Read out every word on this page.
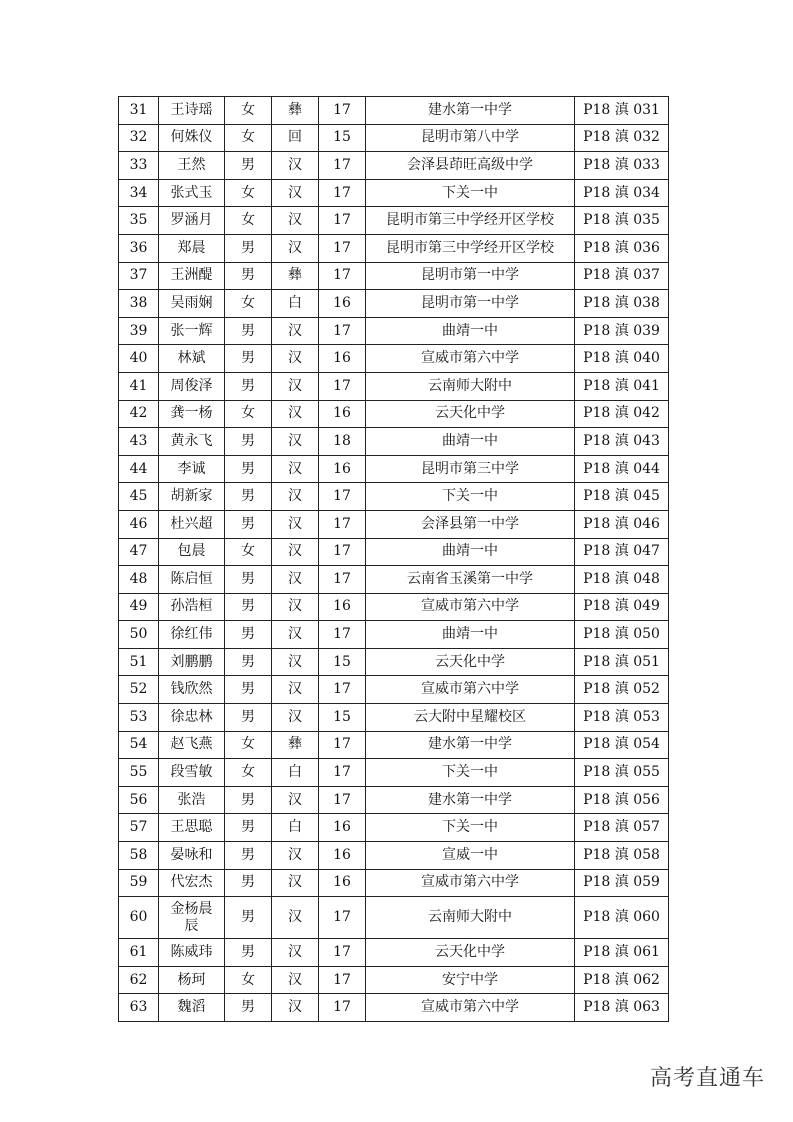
31	王诗瑶	女	彝	17	建水第一中学	P18 滇 031
32	何姝仪	女	回	15	昆明市第八中学	P18 滇 032
33	王然	男	汉	17	会泽县茚旺高级中学	P18 滇 033
34	张式玉	女	汉	17	下关一中	P18 滇 034
35	罗涵月	女	汉	17	昆明市第三中学经开区学校	P18 滇 035
36	郑晨	男	汉	17	昆明市第三中学经开区学校	P18 滇 036
37	王洲醍	男	彝	17	昆明市第一中学	P18 滇 037
38	吴雨娴	女	白	16	昆明市第一中学	P18 滇 038
39	张一辉	男	汉	17	曲靖一中	P18 滇 039
40	林斌	男	汉	16	宣威市第六中学	P18 滇 040
41	周俊泽	男	汉	17	云南师大附中	P18 滇 041
42	龚一杨	女	汉	16	云天化中学	P18 滇 042
43	黄永飞	男	汉	18	曲靖一中	P18 滇 043
44	李诚	男	汉	16	昆明市第三中学	P18 滇 044
45	胡新家	男	汉	17	下关一中	P18 滇 045
46	杜兴超	男	汉	17	会泽县第一中学	P18 滇 046
47	包晨	女	汉	17	曲靖一中	P18 滇 047
48	陈启恒	男	汉	17	云南省玉溪第一中学	P18 滇 048
49	孙浩桓	男	汉	16	宣威市第六中学	P18 滇 049
50	徐红伟	男	汉	17	曲靖一中	P18 滇 050
51	刘鹏鹏	男	汉	15	云天化中学	P18 滇 051
52	钱欣然	男	汉	17	宣威市第六中学	P18 滇 052
53	徐忠林	男	汉	15	云大附中星耀校区	P18 滇 053
54	赵飞燕	女	彝	17	建水第一中学	P18 滇 054
55	段雪敏	女	白	17	下关一中	P18 滇 055
56	张浩	男	汉	17	建水第一中学	P18 滇 056
57	王思聪	男	白	16	下关一中	P18 滇 057
58	晏咏和	男	汉	16	宣威一中	P18 滇 058
59	代宏杰	男	汉	16	宣威市第六中学	P18 滇 059
60	金杨晨辰	男	汉	17	云南师大附中	P18 滇 060
61	陈威玮	男	汉	17	云天化中学	P18 滇 061
62	杨珂	女	汉	17	安宁中学	P18 滇 062
63	魏滔	男	汉	17	宣威市第六中学	P18 滇 063
高考直通车
